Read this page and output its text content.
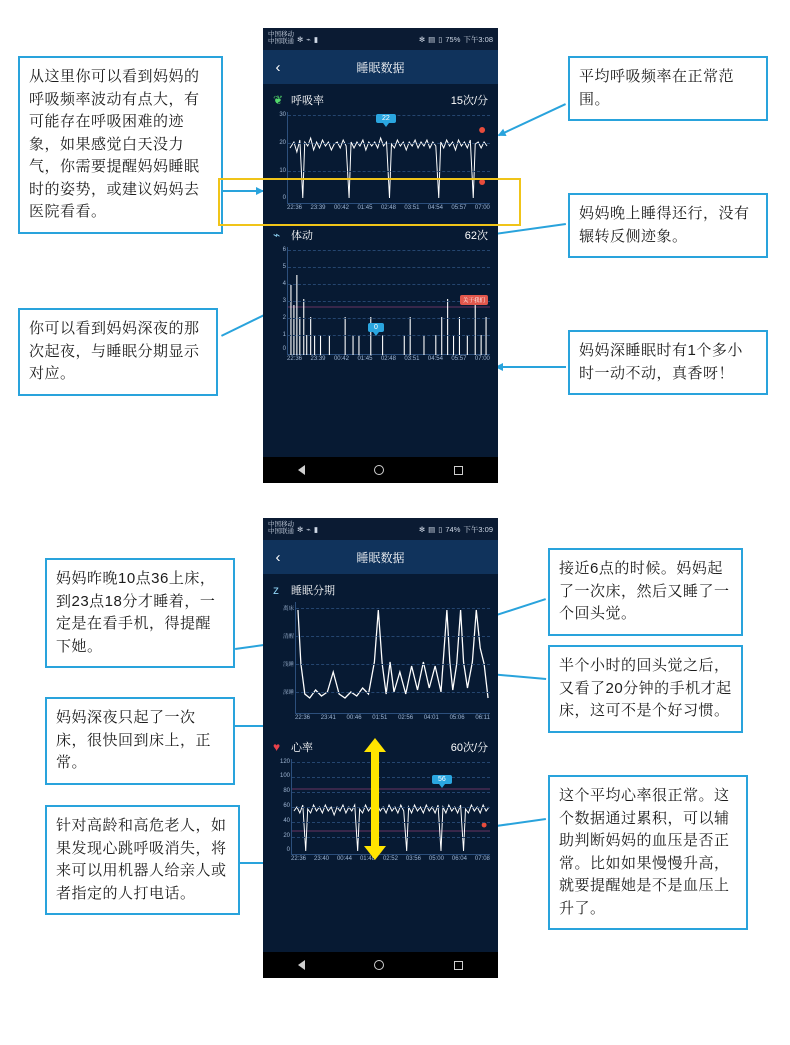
从这里你可以看到妈妈的呼吸频率波动有点大，有可能存在呼吸困难的迹象，如果感觉白天没力气，你需要提醒妈妈睡眠时的姿势，或建议妈妈去医院看看。
你可以看到妈妈深夜的那次起夜，与睡眠分期显示对应。
平均呼吸频率在正常范围。
妈妈晚上睡得还行，没有辗转反侧迹象。
妈妈深睡眠时有1个多小时一动不动，真香呀！
中国移动
中国联通 ✻ ⌁ ▮	✻ ▤ ▯ 75% 下午3:08
‹	睡眠数据
❦ 呼吸率	15次/分
30
20
10
0
22
22:36 23:39 00:42 01:45 02:48 03:51 04:54 05:57 07:00
⌁ 体动	62次
6
5
4
3
2
1
0
0
关于我们
22:36 23:39 00:42 01:45 02:48 03:51 04:54 05:57 07:00
妈妈昨晚10点36上床，到23点18分才睡着，一定是在看手机，得提醒下她。
妈妈深夜只起了一次床，很快回到床上，正常。
针对高龄和高危老人，如果发现心跳呼吸消失，将来可以用机器人给亲人或者指定的人打电话。
接近6点的时候。妈妈起了一次床，然后又睡了一个回头觉。
半个小时的回头觉之后，又看了20分钟的手机才起床，这可不是个好习惯。
这个平均心率很正常。这个数据通过累积，可以辅助判断妈妈的血压是否正常。比如如果慢慢升高，就要提醒她是不是血压上升了。
中国移动
中国联通 ✻ ⌁ ▮	✻ ▤ ▯ 74% 下午3:09
‹	睡眠数据
z	睡眠分期
离床
清醒
浅睡
深睡
22:36 23:41 00:46 01:51 02:56 04:01 05:06 06:11
♥ 心率	60次/分
120
100
80
60
40
20
0
56
22:36 23:40 00:44 01:48 02:52 03:56 05:00 06:04 07:08
